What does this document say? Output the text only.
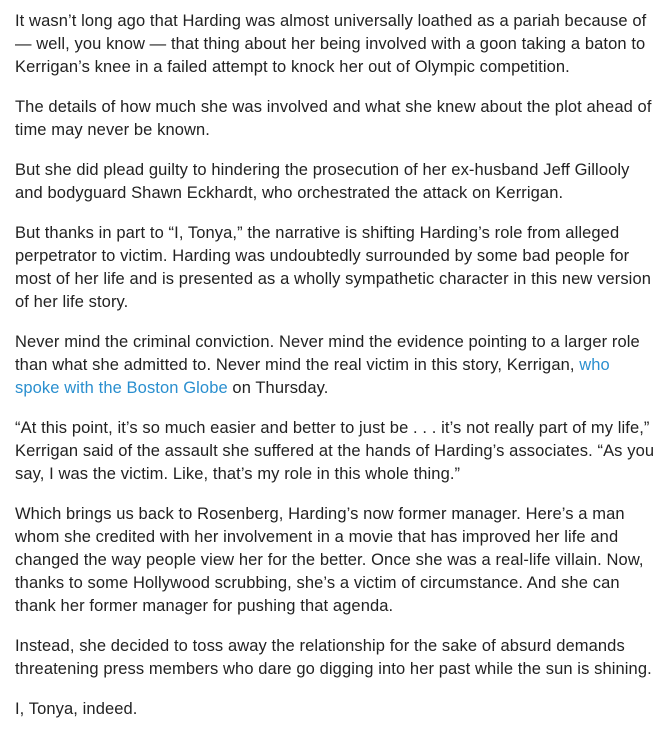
It wasn’t long ago that Harding was almost universally loathed as a pariah because of — well, you know — that thing about her being involved with a goon taking a baton to Kerrigan’s knee in a failed attempt to knock her out of Olympic competition.

The details of how much she was involved and what she knew about the plot ahead of time may never be known.

But she did plead guilty to hindering the prosecution of her ex-husband Jeff Gillooly and bodyguard Shawn Eckhardt, who orchestrated the attack on Kerrigan.

But thanks in part to “I, Tonya,” the narrative is shifting Harding’s role from alleged perpetrator to victim. Harding was undoubtedly surrounded by some bad people for most of her life and is presented as a wholly sympathetic character in this new version of her life story.

Never mind the criminal conviction. Never mind the evidence pointing to a larger role than what she admitted to. Never mind the real victim in this story, Kerrigan, who spoke with the Boston Globe on Thursday.

“At this point, it’s so much easier and better to just be . . . it’s not really part of my life,” Kerrigan said of the assault she suffered at the hands of Harding’s associates. “As you say, I was the victim. Like, that’s my role in this whole thing.”

Which brings us back to Rosenberg, Harding’s now former manager. Here’s a man whom she credited with her involvement in a movie that has improved her life and changed the way people view her for the better. Once she was a real-life villain. Now, thanks to some Hollywood scrubbing, she’s a victim of circumstance. And she can thank her former manager for pushing that agenda.

Instead, she decided to toss away the relationship for the sake of absurd demands threatening press members who dare go digging into her past while the sun is shining.

I, Tonya, indeed.
